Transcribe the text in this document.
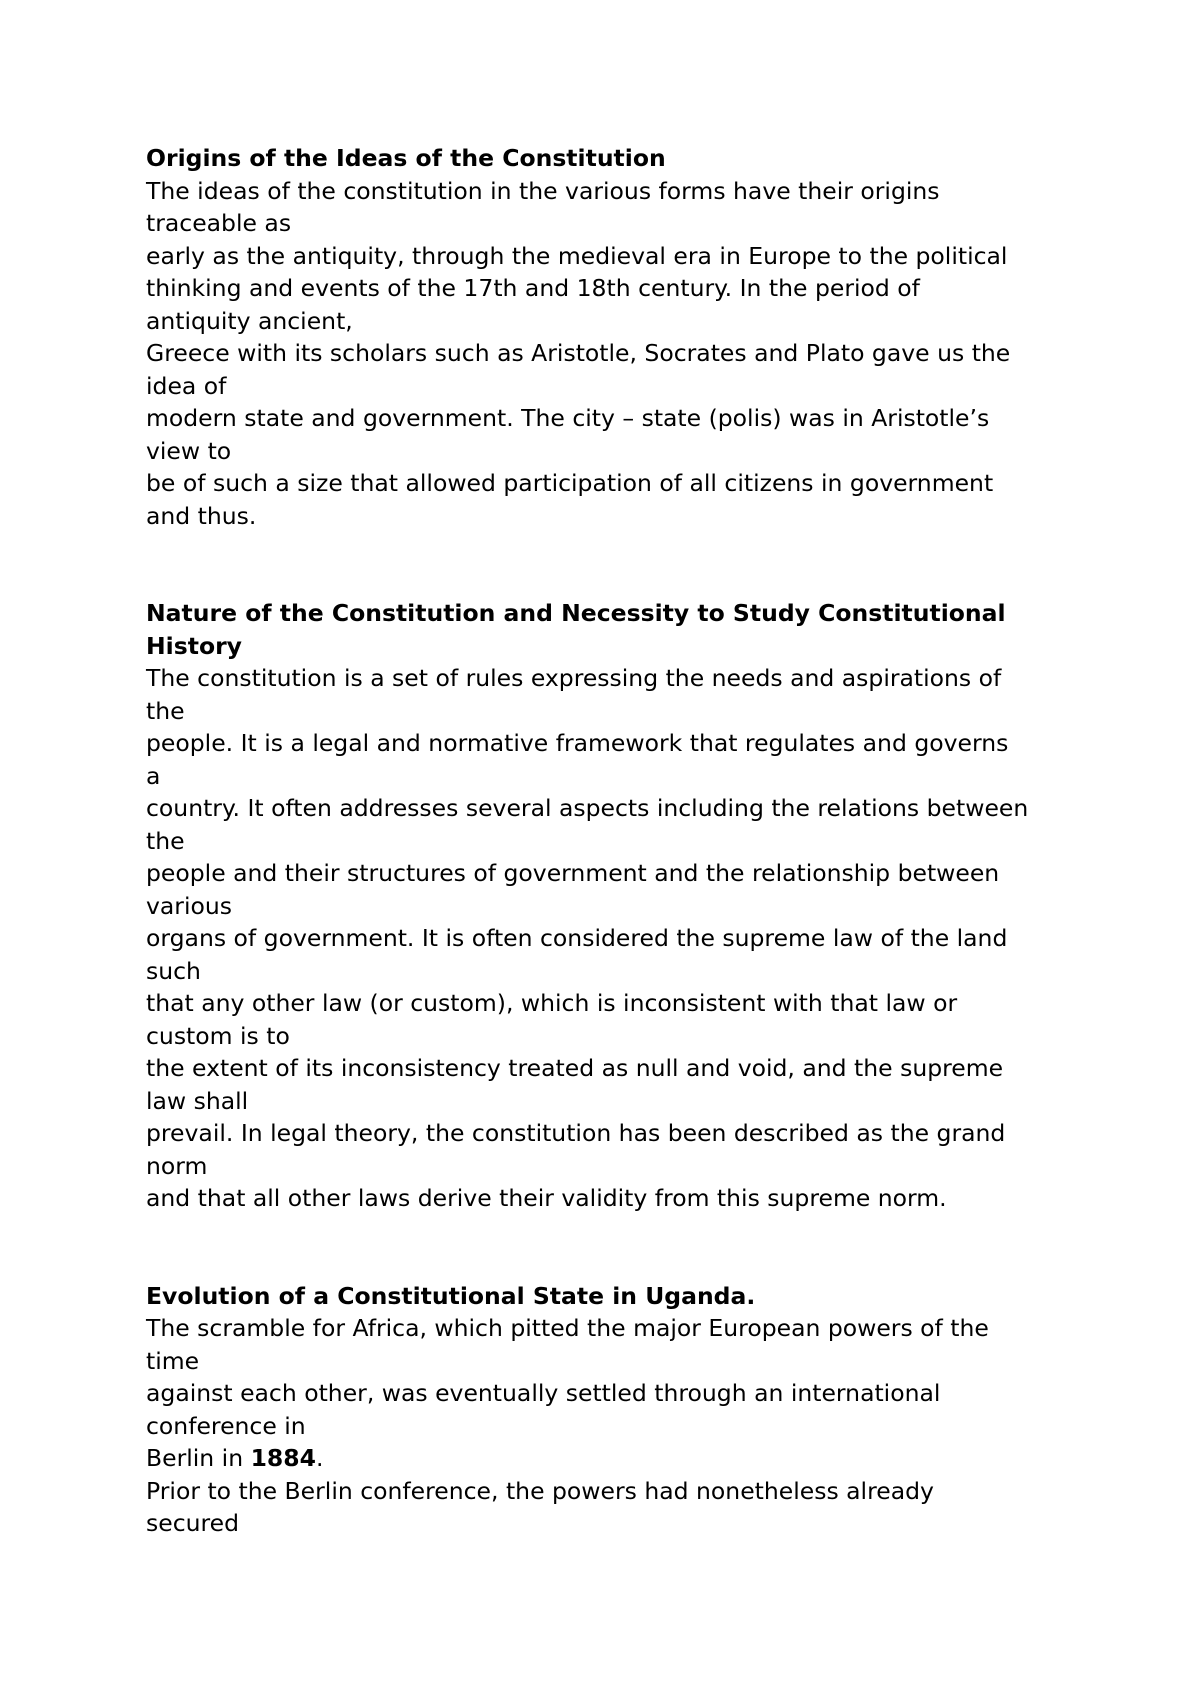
Origins of the Ideas of the Constitution
The ideas of the constitution in the various forms have their origins
traceable as
early as the antiquity, through the medieval era in Europe to the political
thinking and events of the 17th and 18th century. In the period of
antiquity ancient,
Greece with its scholars such as Aristotle, Socrates and Plato gave us the
idea of
modern state and government. The city – state (polis) was in Aristotle’s
view to
be of such a size that allowed participation of all citizens in government
and thus.
Nature of the Constitution and Necessity to Study Constitutional
History
The constitution is a set of rules expressing the needs and aspirations of
the
people. It is a legal and normative framework that regulates and governs
a
country. It often addresses several aspects including the relations between
the
people and their structures of government and the relationship between
various
organs of government. It is often considered the supreme law of the land
such
that any other law (or custom), which is inconsistent with that law or
custom is to
the extent of its inconsistency treated as null and void, and the supreme
law shall
prevail. In legal theory, the constitution has been described as the grand
norm
and that all other laws derive their validity from this supreme norm.
Evolution of a Constitutional State in Uganda.
The scramble for Africa, which pitted the major European powers of the
time
against each other, was eventually settled through an international
conference in
Berlin in 1884.
Prior to the Berlin conference, the powers had nonetheless already
secured
